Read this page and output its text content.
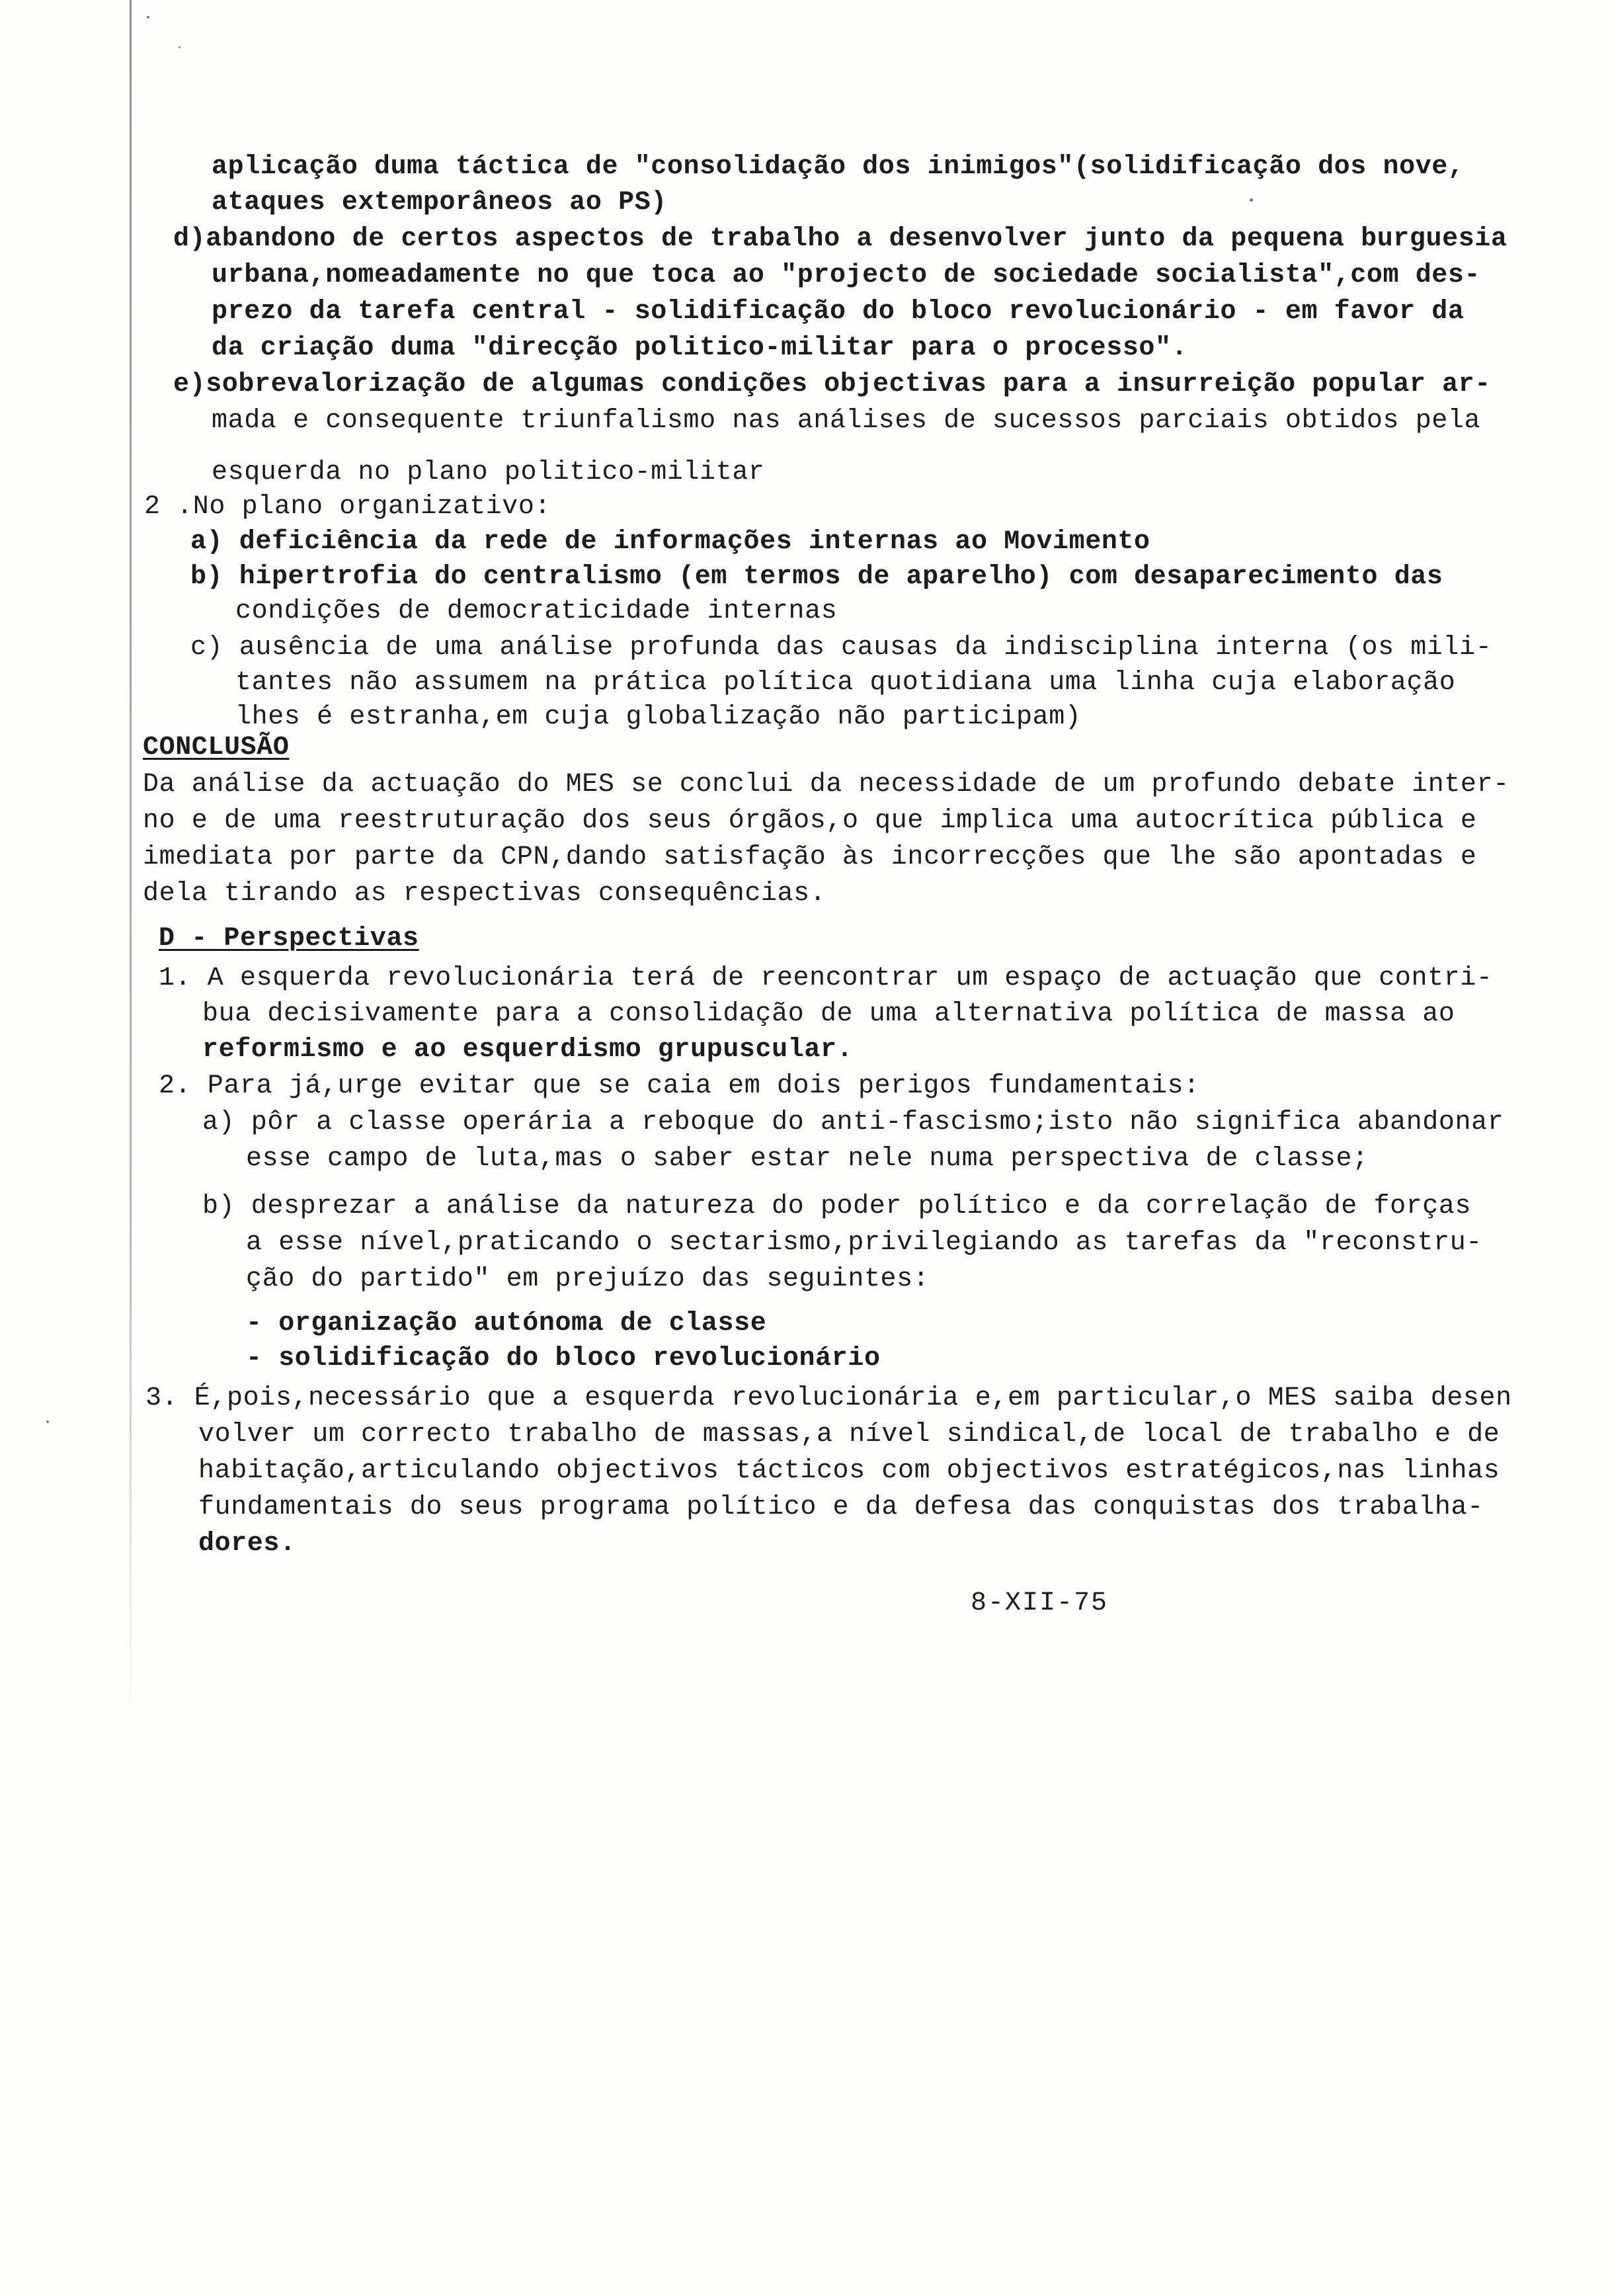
aplicação duma táctica de "consolidação dos inimigos"(solidificação dos nove,
ataques extemporâneos ao PS)
d)abandono de certos aspectos de trabalho a desenvolver junto da pequena burguesia
urbana,nomeadamente no que toca ao "projecto de sociedade socialista",com des-
prezo da tarefa central - solidificação do bloco revolucionário - em favor da
da criação duma "direcção politico-militar para o processo".
e)sobrevalorização de algumas condições objectivas para a insurreição popular ar-
mada e consequente triunfalismo nas análises de sucessos parciais obtidos pela
esquerda no plano politico-militar
2 .No plano organizativo:
a) deficiência da rede de informações internas ao Movimento
b) hipertrofia do centralismo (em termos de aparelho) com desaparecimento das
condições de democraticidade internas
c) ausência de uma análise profunda das causas da indisciplina interna (os mili-
tantes não assumem na prática política quotidiana uma linha cuja elaboração
lhes é estranha,em cuja globalização não participam)
CONCLUSÃO
Da análise da actuação do MES se conclui da necessidade de um profundo debate inter-
no e de uma reestruturação dos seus órgãos,o que implica uma autocrítica pública e
imediata por parte da CPN,dando satisfação às incorrecções que lhe são apontadas e
dela tirando as respectivas consequências.
D - Perspectivas
1. A esquerda revolucionária terá de reencontrar um espaço de actuação que contri-
bua decisivamente para a consolidação de uma alternativa política de massa ao
reformismo e ao esquerdismo grupuscular.
2. Para já,urge evitar que se caia em dois perigos fundamentais:
a) pôr a classe operária a reboque do anti-fascismo;isto não significa abandonar
esse campo de luta,mas o saber estar nele numa perspectiva de classe;
b) desprezar a análise da natureza do poder político e da correlação de forças
a esse nível,praticando o sectarismo,privilegiando as tarefas da "reconstru-
ção do partido" em prejuízo das seguintes:
- organização autónoma de classe
- solidificação do bloco revolucionário
3. É,pois,necessário que a esquerda revolucionária e,em particular,o MES saiba desen
volver um correcto trabalho de massas,a nível sindical,de local de trabalho e de
habitação,articulando objectivos tácticos com objectivos estratégicos,nas linhas
fundamentais do seus programa político e da defesa das conquistas dos trabalha-
dores.
8-XII-75
